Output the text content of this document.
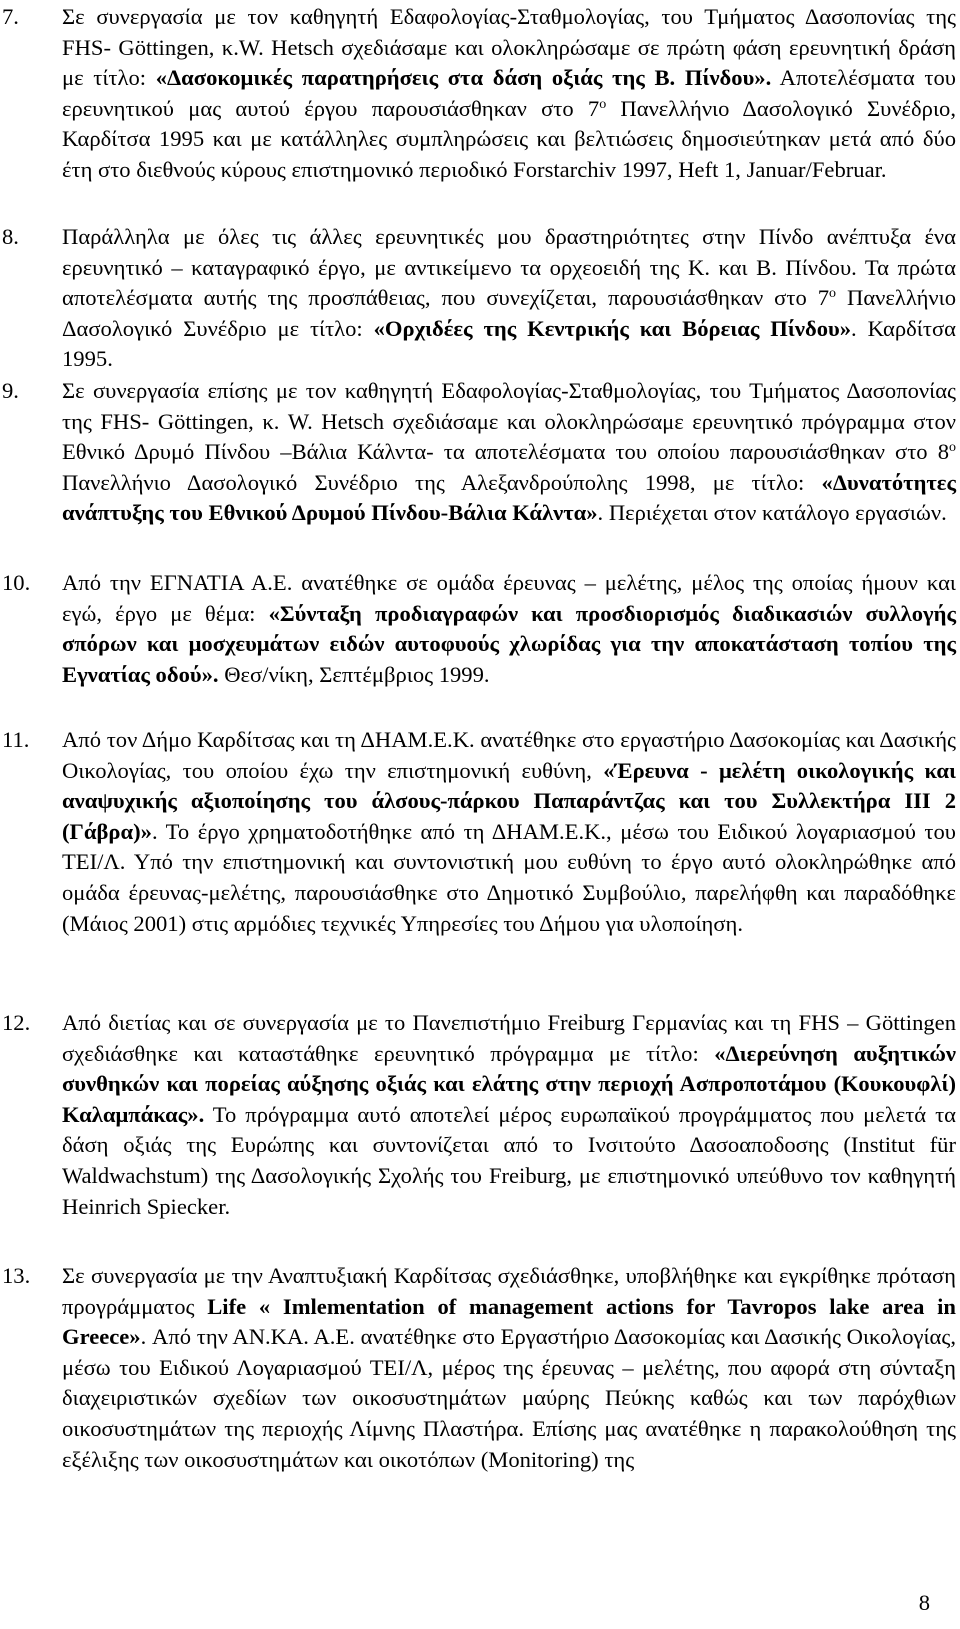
7.	Σε συνεργασία με τον καθηγητή Εδαφολογίας-Σταθμολογίας, του Τμήματος Δασοπονίας της FHS- Göttingen, κ.W. Hetsch σχεδιάσαμε και ολοκληρώσαμε σε πρώτη φάση ερευνητική δράση με τίτλο: «Δασοκομικές παρατηρήσεις στα δάση οξιάς της Β. Πίνδου». Αποτελέσματα του ερευνητικού μας αυτού έργου παρουσιάσθηκαν στο $7^o$ Πανελλήνιο Δασολογικό Συνέδριο, Καρδίτσα 1995 και με κατάλληλες συμπληρώσεις και βελτιώσεις δημοσιεύτηκαν μετά από δύο έτη στο διεθνούς κύρους επιστημονικό περιοδικό Forstarchiv 1997, Heft 1, Januar/Februar.
8.	Παράλληλα με όλες τις άλλες ερευνητικές μου δραστηριότητες στην Πίνδο ανέπτυξα ένα ερευνητικό – καταγραφικό έργο, με αντικείμενο τα ορχεοειδή της Κ. και Β. Πίνδου. Τα πρώτα αποτελέσματα αυτής της προσπάθειας, που συνεχίζεται, παρουσιάσθηκαν στο $7^o$ Πανελλήνιο Δασολογικό Συνέδριο με τίτλο: «Ορχιδέες της Κεντρικής και Βόρειας Πίνδου». Καρδίτσα 1995.
9.	Σε συνεργασία επίσης με τον καθηγητή Εδαφολογίας-Σταθμολογίας, του Τμήματος Δασοπονίας της FHS- Göttingen, κ. W. Hetsch σχεδιάσαμε και ολοκληρώσαμε ερευνητικό πρόγραμμα στον Εθνικό Δρυμό Πίνδου –Βάλια Κάλντα- τα αποτελέσματα του οποίου παρουσιάσθηκαν στο $8^o$ Πανελλήνιο Δασολογικό Συνέδριο της Αλεξανδρούπολης 1998, με τίτλο: «Δυνατότητες ανάπτυξης του Εθνικού Δρυμού Πίνδου-Βάλια Κάλντα». Περιέχεται στον κατάλογο εργασιών.
10.	Από την ΕΓΝΑΤΙΑ Α.Ε. ανατέθηκε σε ομάδα έρευνας – μελέτης, μέλος της οποίας ήμουν και εγώ, έργο με θέμα: «Σύνταξη προδιαγραφών και προσδιορισμός διαδικασιών συλλογής σπόρων και μοσχευμάτων ειδών αυτοφυούς χλωρίδας για την αποκατάσταση τοπίου της Εγνατίας οδού». Θεσ/νίκη, Σεπτέμβριος 1999.
11.	Από τον Δήμο Καρδίτσας και τη ΔΗΑΜ.Ε.Κ. ανατέθηκε στο εργαστήριο Δασοκομίας και Δασικής Οικολογίας, του οποίου έχω την επιστημονική ευθύνη, «Έρευνα - μελέτη οικολογικής και αναψυχικής αξιοποίησης του άλσους-πάρκου Παπαράντζας και του Συλλεκτήρα ΙΙΙ 2 (Γάβρα)». Το έργο χρηματοδοτήθηκε από τη ΔΗΑΜ.Ε.Κ., μέσω του Ειδικού λογαριασμού του ΤΕΙ/Λ. Υπό την επιστημονική και συντονιστική μου ευθύνη το έργο αυτό ολοκληρώθηκε από ομάδα έρευνας-μελέτης, παρουσιάσθηκε στο Δημοτικό Συμβούλιο, παρελήφθη και παραδόθηκε (Μάιος 2001) στις αρμόδιες τεχνικές Υπηρεσίες του Δήμου για υλοποίηση.
12.	Από διετίας και σε συνεργασία με το Πανεπιστήμιο Freiburg Γερμανίας και τη FHS – Göttingen σχεδιάσθηκε και καταστάθηκε ερευνητικό πρόγραμμα με τίτλο: «Διερεύνηση αυξητικών συνθηκών και πορείας αύξησης οξιάς και ελάτης στην περιοχή Ασπροποτάμου (Κουκουφλί) Καλαμπάκας». Το πρόγραμμα αυτό αποτελεί μέρος ευρωπαϊκού προγράμματος που μελετά τα δάση οξιάς της Ευρώπης και συντονίζεται από το Ινσιτούτο Δασοαποδοσης (Institut für Waldwachstum) της Δασολογικής Σχολής του Freiburg, με επιστημονικό υπεύθυνο τον καθηγητή Heinrich Spiecker.
13.	Σε συνεργασία με την Αναπτυξιακή Καρδίτσας σχεδιάσθηκε, υποβλήθηκε και εγκρίθηκε πρόταση προγράμματος Life « Imlementation of management actions for Tavropos lake area in Greece». Από την ΑΝ.ΚΑ. Α.Ε. ανατέθηκε στο Εργαστήριο Δασοκομίας και Δασικής Οικολογίας, μέσω του Ειδικού Λογαριασμού ΤΕΙ/Λ, μέρος της έρευνας – μελέτης, που αφορά στη σύνταξη διαχειριστικών σχεδίων των οικοσυστημάτων μαύρης Πεύκης καθώς και των παρόχθιων οικοσυστημάτων της περιοχής Λίμνης Πλαστήρα. Επίσης μας ανατέθηκε η παρακολούθηση της εξέλιξης των οικοσυστημάτων και οικοτόπων (Monitoring) της
8
